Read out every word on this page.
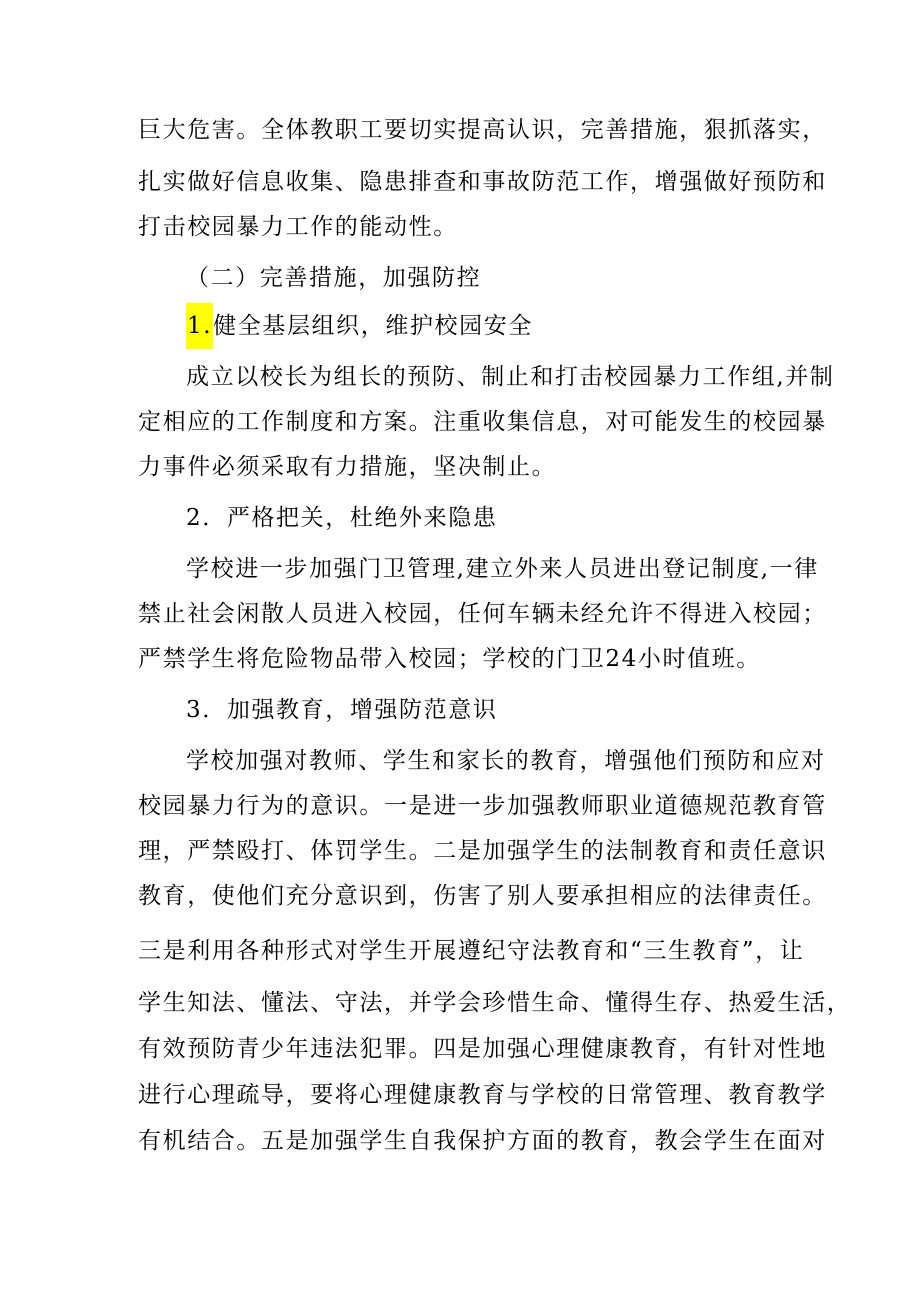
巨大危害。全体教职工要切实提高认识，完善措施，狠抓落实，
扎实做好信息收集、隐患排查和事故防范工作，增强做好预防和
打击校园暴力工作的能动性。
（二）完善措施，加强防控
1.健全基层组织，维护校园安全
成立以校长为组长的预防、制止和打击校园暴力工作组,并制
定相应的工作制度和方案。注重收集信息，对可能发生的校园暴
力事件必须采取有力措施，坚决制止。
2．严格把关，杜绝外来隐患
学校进一步加强门卫管理,建立外来人员进出登记制度,一律
禁止社会闲散人员进入校园，任何车辆未经允许不得进入校园；
严禁学生将危险物品带入校园；学校的门卫24小时值班。
3．加强教育，增强防范意识
学校加强对教师、学生和家长的教育，增强他们预防和应对
校园暴力行为的意识。一是进一步加强教师职业道德规范教育管
理，严禁殴打、体罚学生。二是加强学生的法制教育和责任意识
教育，使他们充分意识到，伤害了别人要承担相应的法律责任。
三是利用各种形式对学生开展遵纪守法教育和“三生教育”，让
学生知法、懂法、守法，并学会珍惜生命、懂得生存、热爱生活，
有效预防青少年违法犯罪。四是加强心理健康教育，有针对性地
进行心理疏导，要将心理健康教育与学校的日常管理、教育教学
有机结合。五是加强学生自我保护方面的教育，教会学生在面对
